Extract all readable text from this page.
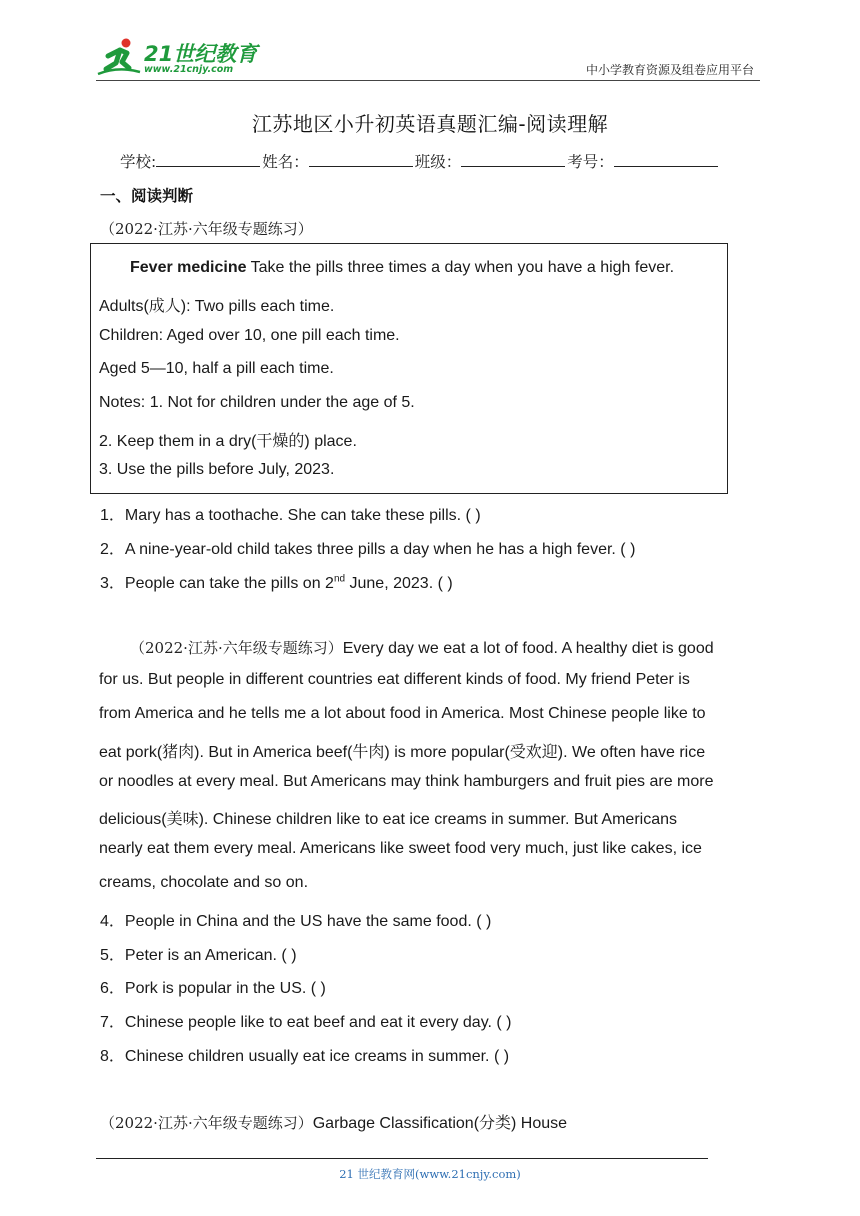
21世纪教育
www.21cnjy.com	中小学教育资源及组卷应用平台
江苏地区小升初英语真题汇编-阅读理解
学校:	姓名：	班级：	考号：
一、阅读判断
（2022·江苏·六年级专题练习）
Fever medicine Take the pills three times a day when you have a high fever.
Adults(成人): Two pills each time.
Children: Aged over 10, one pill each time.
Aged 5—10, half a pill each time.
Notes: 1. Not for children under the age of 5.
2. Keep them in a dry(干燥的) place.
3. Use the pills before July, 2023.
1．Mary has a toothache. She can take these pills. ( )
2．A nine-year-old child takes three pills a day when he has a high fever. ( )
3．People can take the pills on 2nd June, 2023. ( )
（2022·江苏·六年级专题练习）Every day we eat a lot of food. A healthy diet is good
for us. But people in different countries eat different kinds of food. My friend Peter is
from America and he tells me a lot about food in America. Most Chinese people like to
eat pork(猪肉). But in America beef(牛肉) is more popular(受欢迎). We often have rice
or noodles at every meal. But Americans may think hamburgers and fruit pies are more
delicious(美味). Chinese children like to eat ice creams in summer. But Americans
nearly eat them every meal. Americans like sweet food very much, just like cakes, ice
creams, chocolate and so on.
4．People in China and the US have the same food. ( )
5．Peter is an American. ( )
6．Pork is popular in the US. ( )
7．Chinese people like to eat beef and eat it every day. ( )
8．Chinese children usually eat ice creams in summer. ( )
（2022·江苏·六年级专题练习）Garbage Classification(分类) House
21 世纪教育网(www.21cnjy.com)
